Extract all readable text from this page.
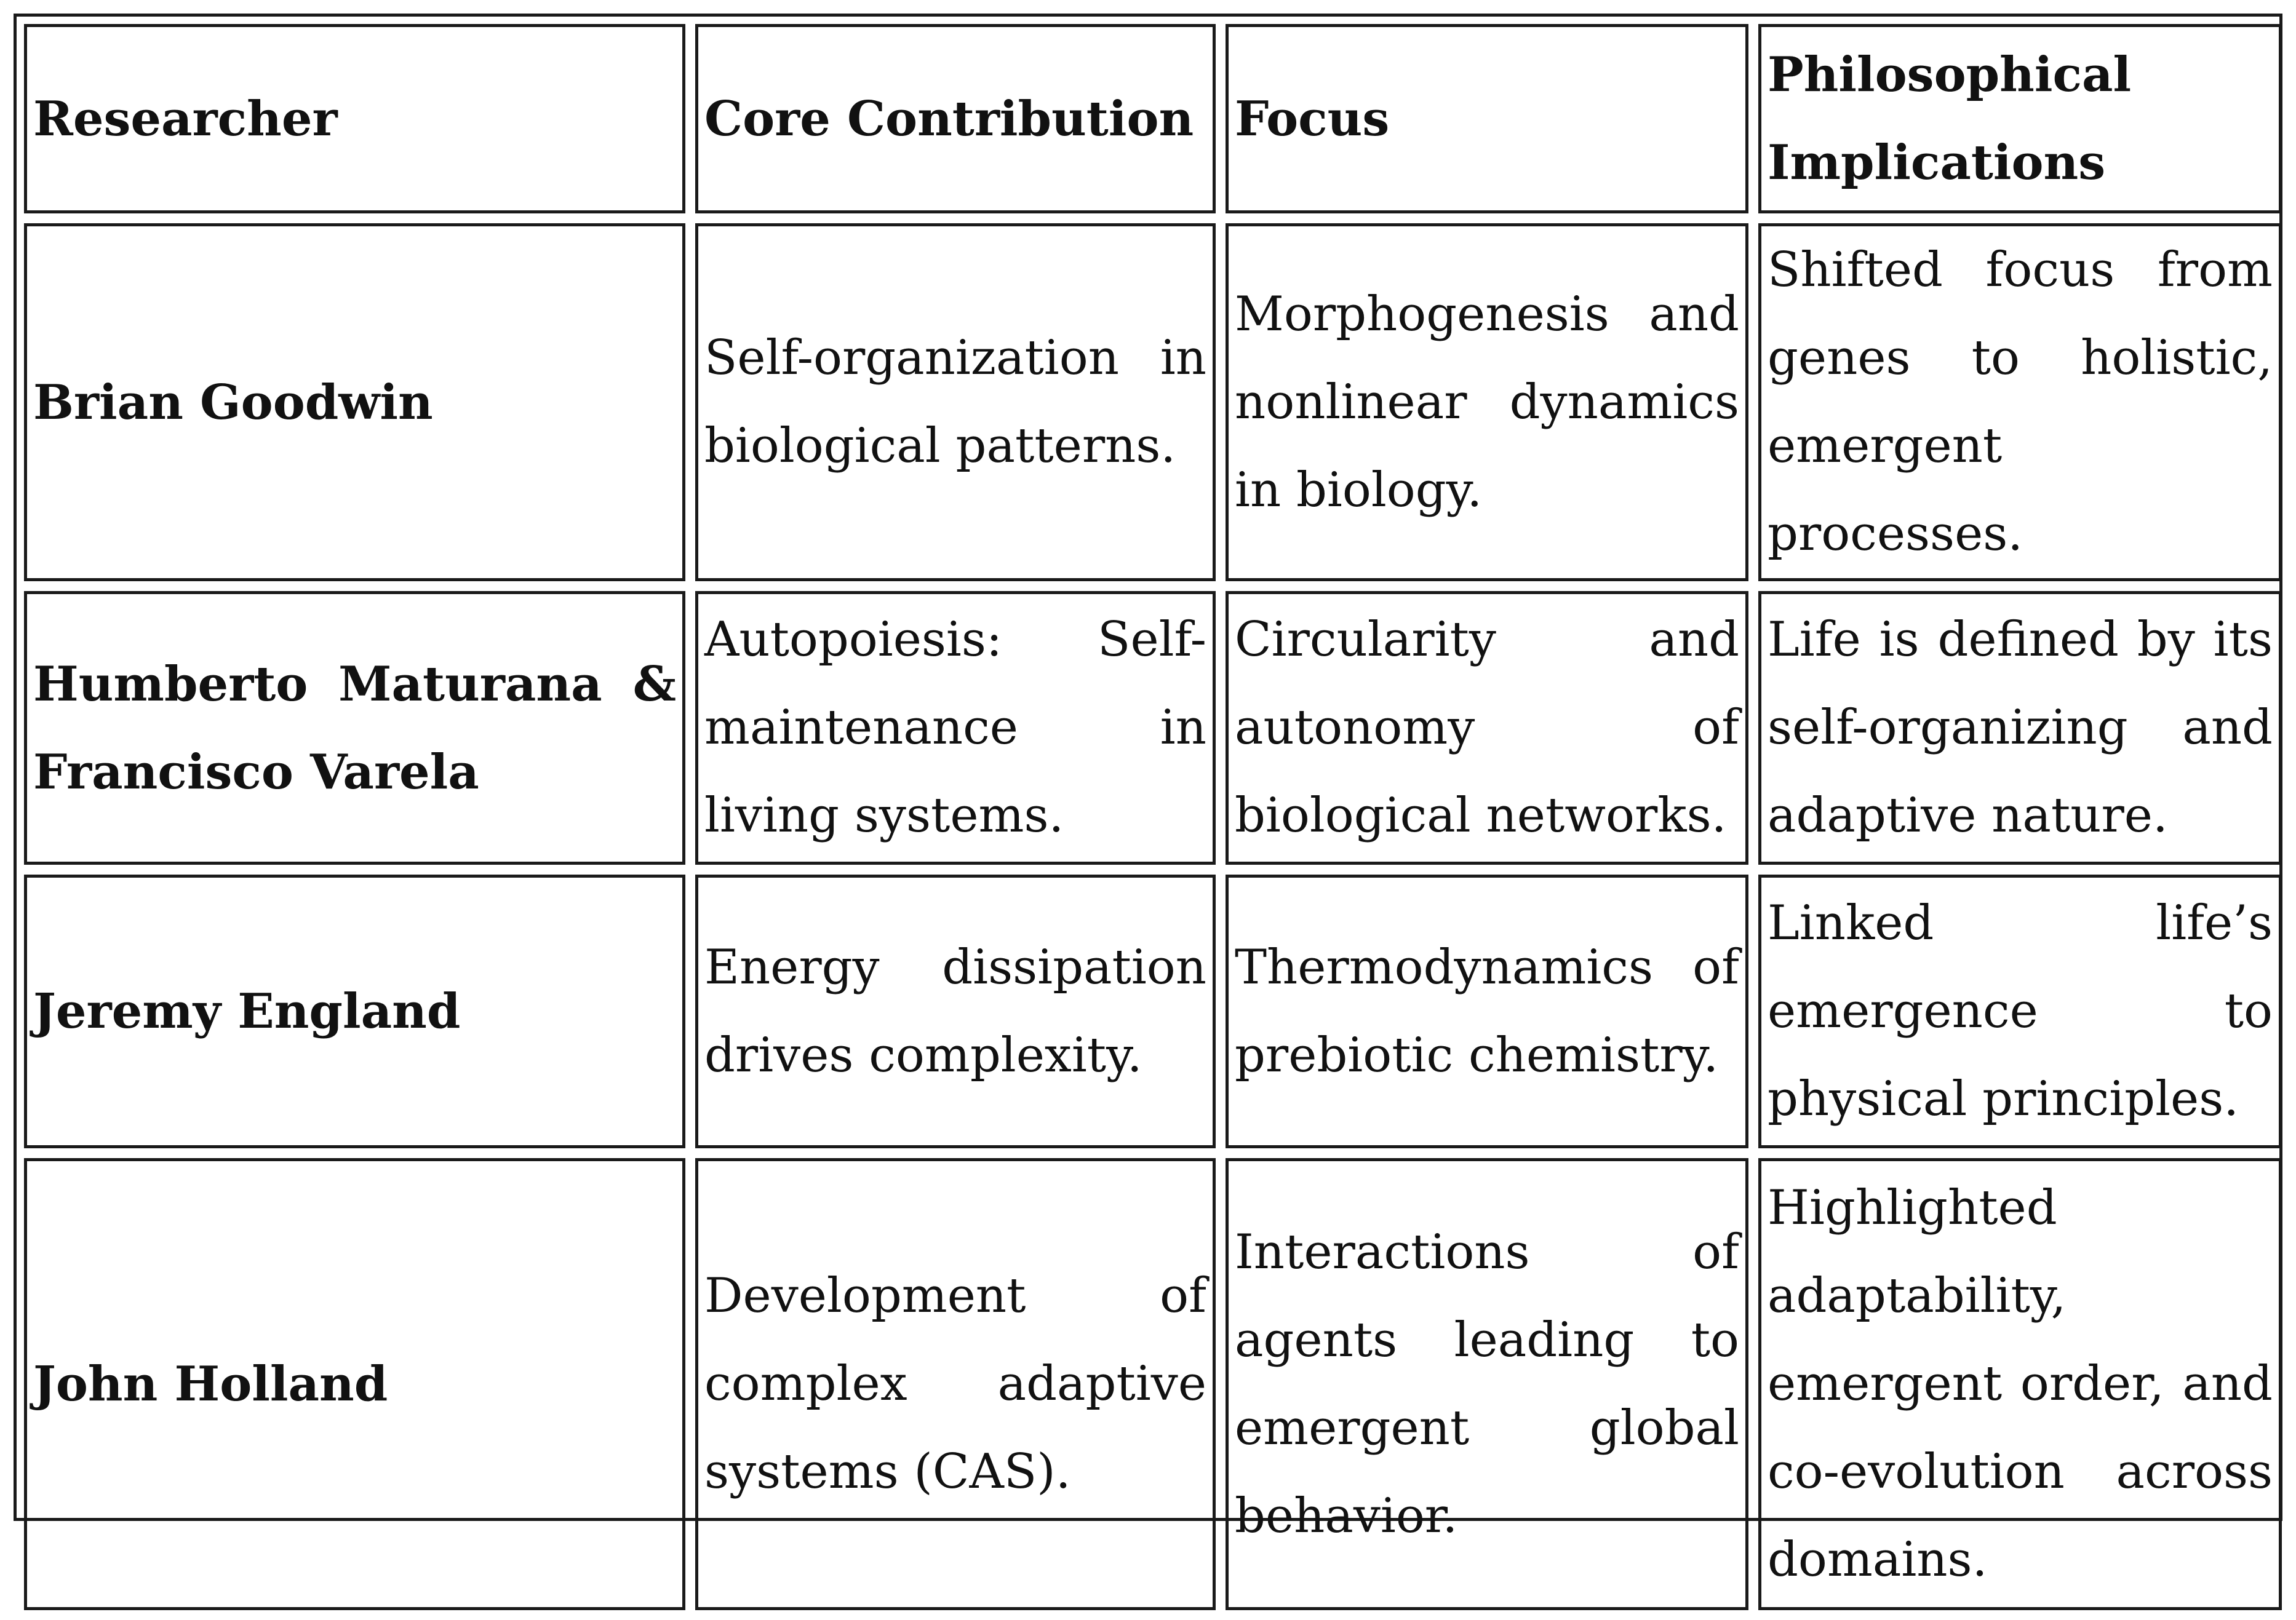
Researcher	Core Contribution	Focus	Philosophical Implications
Brian Goodwin	Self-organization in biological patterns.	Morphogenesis and nonlinear dynamics in biology.	Shifted focus from genes to holistic, emergent processes.
Humberto Maturana & Francisco Varela	Autopoiesis: Self-maintenance in living systems.	Circularity and autonomy of biological networks.	Life is defined by its self-organizing and adaptive nature.
Jeremy England	Energy dissipation drives complexity.	Thermodynamics of prebiotic chemistry.	Linked life’s emergence to physical principles.
John Holland	Development of complex adaptive systems (CAS).	Interactions of agents leading to emergent global behavior.	Highlighted adaptability, emergent order, and co-evolution across domains.
